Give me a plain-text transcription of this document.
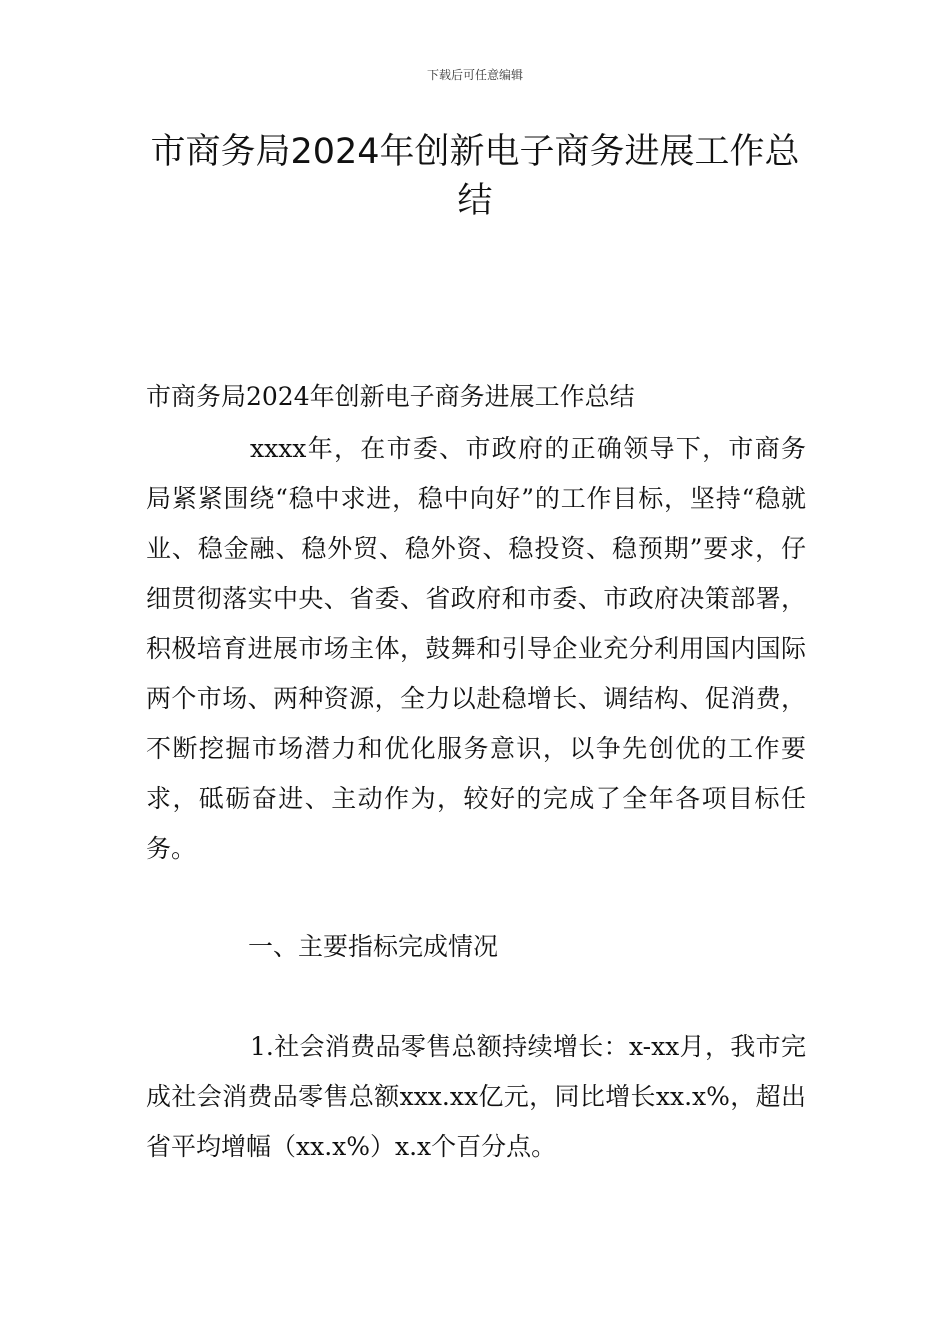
下载后可任意编辑
市商务局2024年创新电子商务进展工作总结

市商务局2024年创新电子商务进展工作总结

xxxx年，在市委、市政府的正确领导下，市商务局紧紧围绕“稳中求进，稳中向好”的工作目标，坚持“稳就业、稳金融、稳外贸、稳外资、稳投资、稳预期”要求，仔细贯彻落实中央、省委、省政府和市委、市政府决策部署，积极培育进展市场主体，鼓舞和引导企业充分利用国内国际两个市场、两种资源，全力以赴稳增长、调结构、促消费，不断挖掘市场潜力和优化服务意识，以争先创优的工作要求，砥砺奋进、主动作为，较好的完成了全年各项目标任务。

一、主要指标完成情况

1.社会消费品零售总额持续增长：x-xx月，我市完成社会消费品零售总额xxx.xx亿元，同比增长xx.x%，超出省平均增幅（xx.x%）x.x个百分点。
